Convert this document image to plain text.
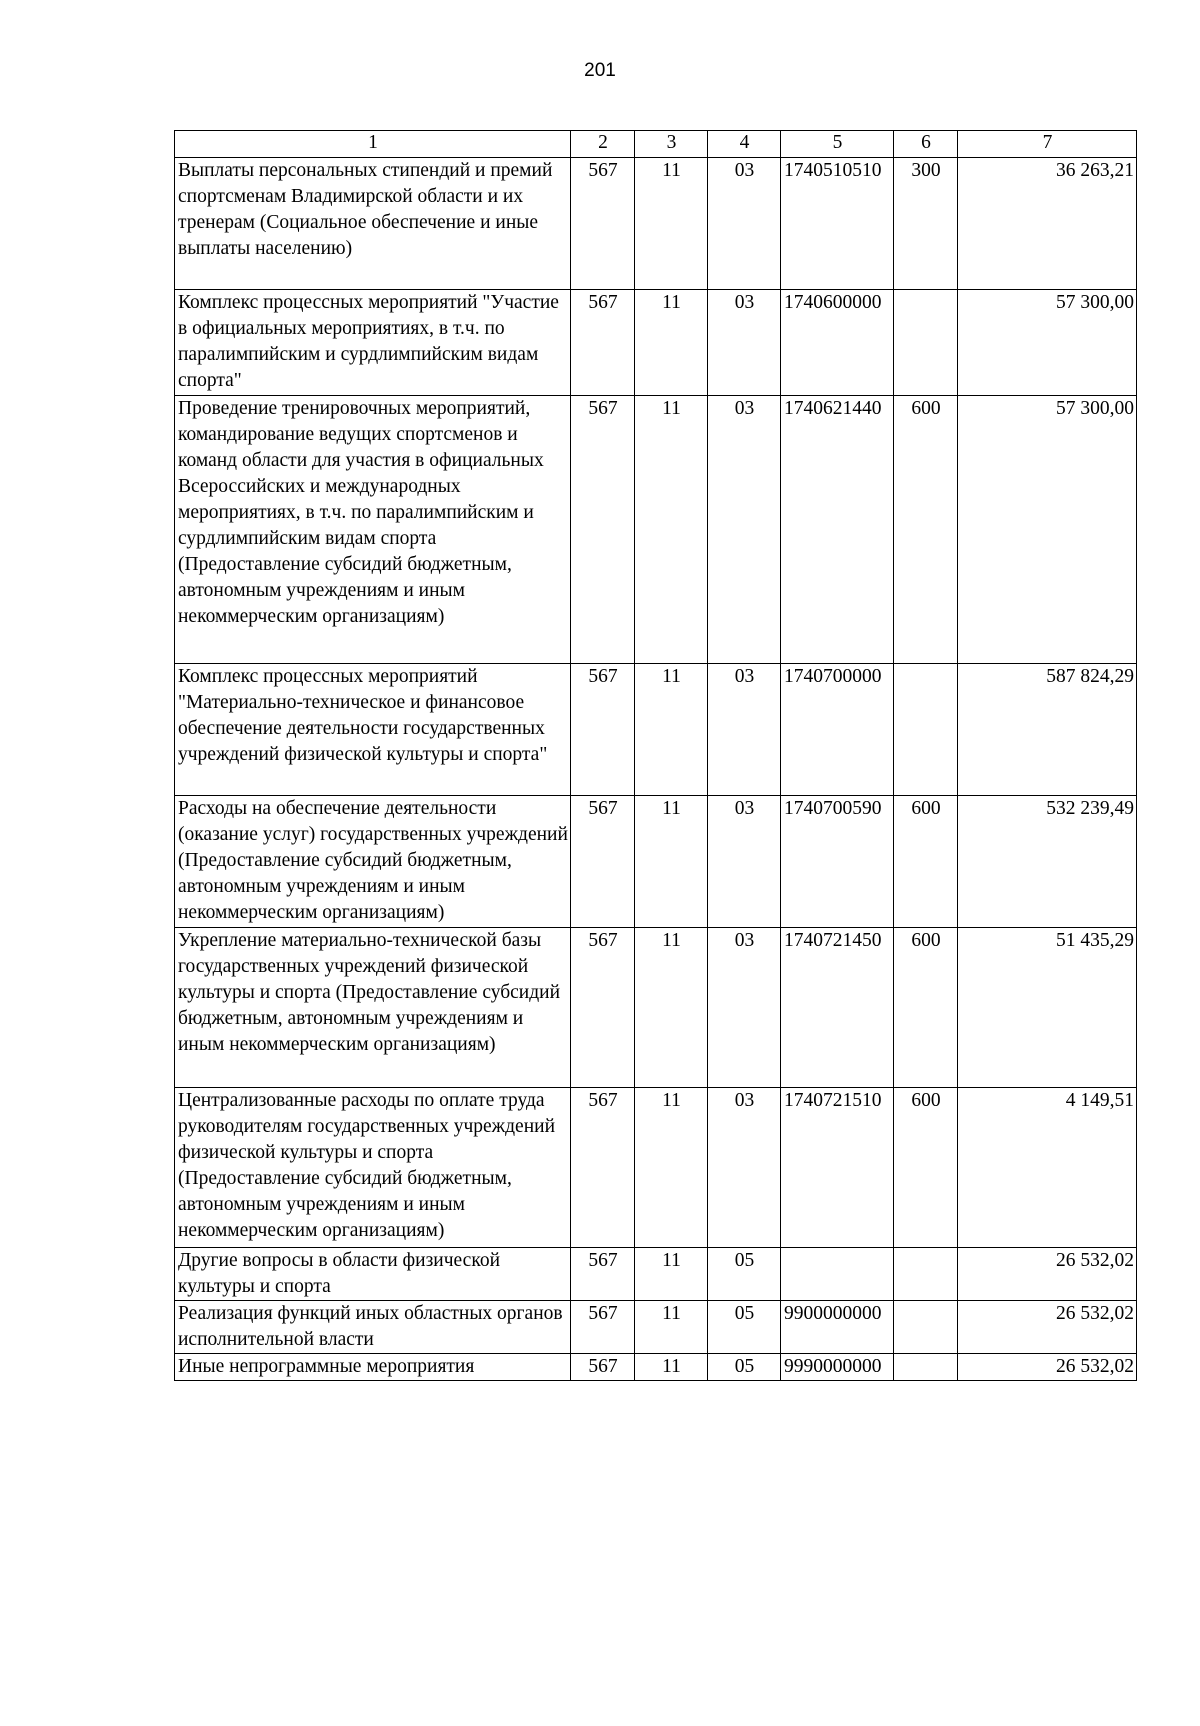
201
1	2	3	4	5	6	7
Выплаты персональных стипендий и премий спортсменам Владимирской области и их тренерам (Социальное обеспечение и иные выплаты населению)	567	11	03	1740510510	300	36 263,21
Комплекс процессных мероприятий "Участие в официальных мероприятиях, в т.ч. по паралимпийским и сурдлимпийским видам спорта"	567	11	03	1740600000		57 300,00
Проведение тренировочных мероприятий, командирование ведущих спортсменов и команд области для участия в официальных Всероссийских и международных мероприятиях, в т.ч. по паралимпийским и сурдлимпийским видам спорта (Предоставление субсидий бюджетным, автономным учреждениям и иным некоммерческим организациям)	567	11	03	1740621440	600	57 300,00
Комплекс процессных мероприятий "Материально-техническое и финансовое обеспечение деятельности государственных учреждений физической культуры и спорта"	567	11	03	1740700000		587 824,29
Расходы на обеспечение деятельности (оказание услуг) государственных учреждений (Предоставление субсидий бюджетным, автономным учреждениям и иным некоммерческим организациям)	567	11	03	1740700590	600	532 239,49
Укрепление материально-технической базы государственных учреждений физической культуры и спорта (Предоставление субсидий бюджетным, автономным учреждениям и иным некоммерческим организациям)	567	11	03	1740721450	600	51 435,29
Централизованные расходы по оплате труда руководителям государственных учреждений физической культуры и спорта (Предоставление субсидий бюджетным, автономным учреждениям и иным некоммерческим организациям)	567	11	03	1740721510	600	4 149,51
Другие вопросы в области физической культуры и спорта	567	11	05			26 532,02
Реализация функций иных областных органов исполнительной власти	567	11	05	9900000000		26 532,02
Иные непрограммные мероприятия	567	11	05	9990000000		26 532,02
